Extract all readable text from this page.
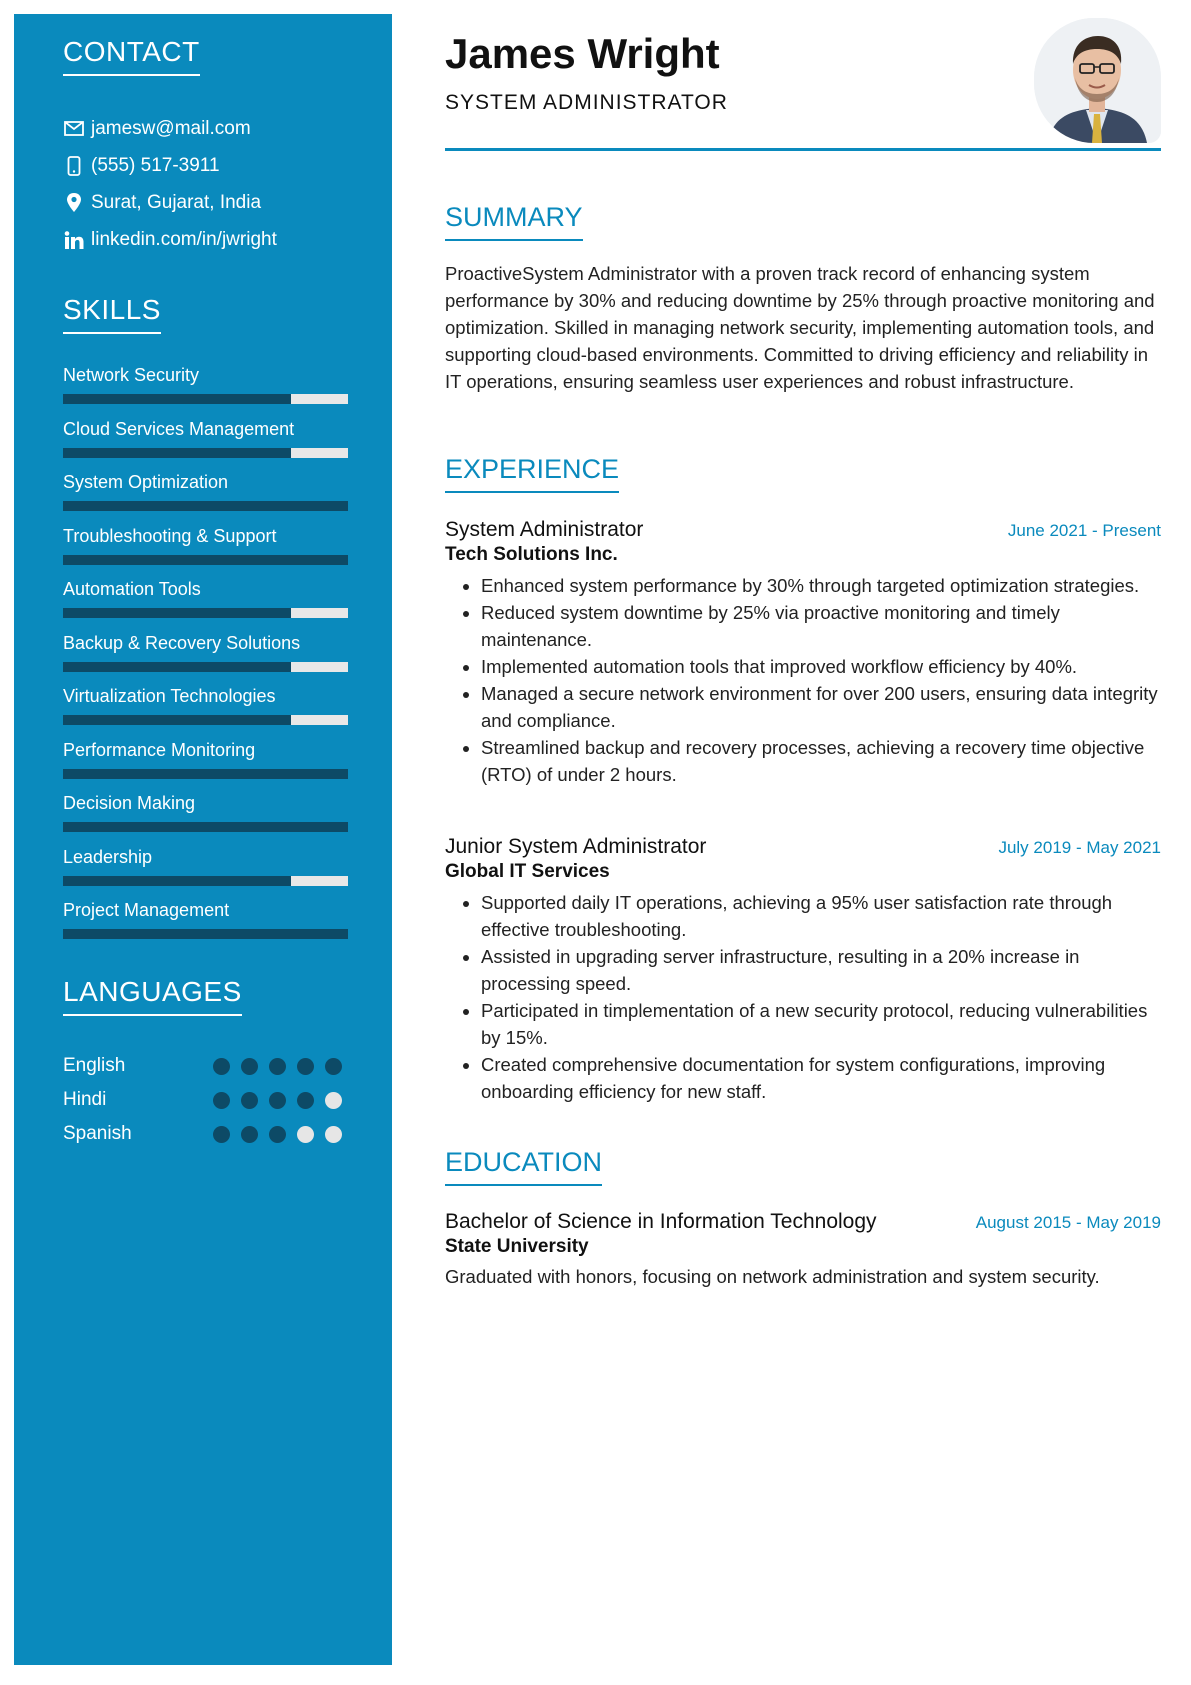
CONTACT
jamesw@mail.com
(555) 517-3911
Surat, Gujarat, India
linkedin.com/in/jwright
SKILLS
Network Security
Cloud Services Management
System Optimization
Troubleshooting & Support
Automation Tools
Backup & Recovery Solutions
Virtualization Technologies
Performance Monitoring
Decision Making
Leadership
Project Management
LANGUAGES
English
Hindi
Spanish
James Wright
SYSTEM ADMINISTRATOR
SUMMARY

ProactiveSystem Administrator with a proven track record of enhancing system performance by 30% and reducing downtime by 25% through proactive monitoring and optimization. Skilled in managing network security, implementing automation tools, and supporting cloud-based environments. Committed to driving efficiency and reliability in IT operations, ensuring seamless user experiences and robust infrastructure.

EXPERIENCE
System Administrator	June 2021 - Present
Tech Solutions Inc.
• Enhanced system performance by 30% through targeted optimization strategies.
• Reduced system downtime by 25% via proactive monitoring and timely maintenance.
• Implemented automation tools that improved workflow efficiency by 40%.
• Managed a secure network environment for over 200 users, ensuring data integrity and compliance.
• Streamlined backup and recovery processes, achieving a recovery time objective (RTO) of under 2 hours.
Junior System Administrator	July 2019 - May 2021
Global IT Services
• Supported daily IT operations, achieving a 95% user satisfaction rate through effective troubleshooting.
• Assisted in upgrading server infrastructure, resulting in a 20% increase in processing speed.
• Participated in timplementation of a new security protocol, reducing vulnerabilities by 15%.
• Created comprehensive documentation for system configurations, improving onboarding efficiency for new staff.
EDUCATION
Bachelor of Science in Information Technology	August 2015 - May 2019
State University
Graduated with honors, focusing on network administration and system security.
